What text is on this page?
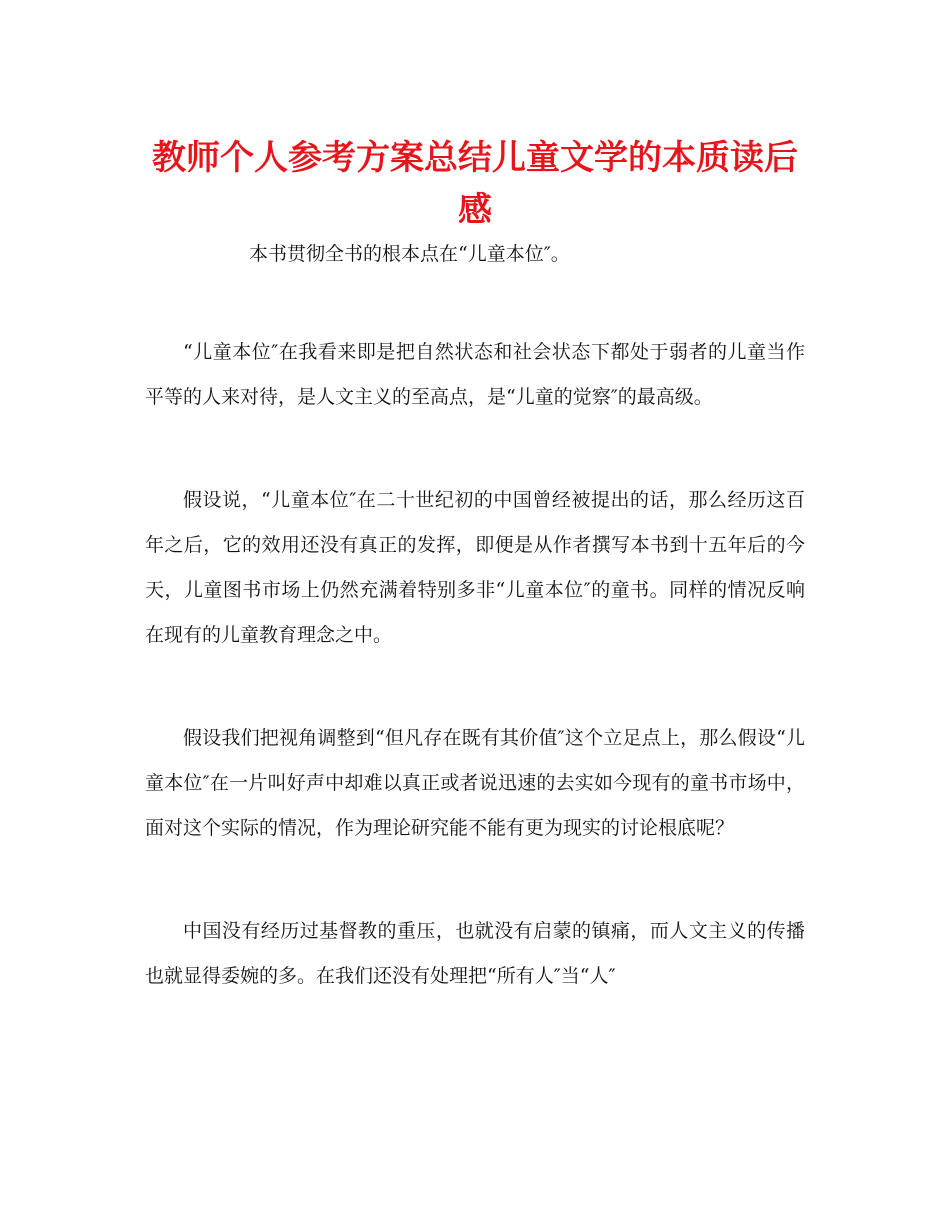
教师个人参考方案总结儿童文学的本质读后感

本书贯彻全书的根本点在“儿童本位″。

“儿童本位″在我看来即是把自然状态和社会状态下都处于弱者的儿童当作平等的人来对待，是人文主义的至高点，是“儿童的觉察″的最高级。

假设说，“儿童本位″在二十世纪初的中国曾经被提出的话，那么经历这百年之后，它的效用还没有真正的发挥，即便是从作者撰写本书到十五年后的今天，儿童图书市场上仍然充满着特别多非“儿童本位″的童书。同样的情况反响在现有的儿童教育理念之中。

假设我们把视角调整到“但凡存在既有其价值″这个立足点上，那么假设“儿童本位″在一片叫好声中却难以真正或者说迅速的去实如今现有的童书市场中，面对这个实际的情况，作为理论研究能不能有更为现实的讨论根底呢？

中国没有经历过基督教的重压，也就没有启蒙的镇痛，而人文主义的传播也就显得委婉的多。在我们还没有处理把“所有人″当“人″
